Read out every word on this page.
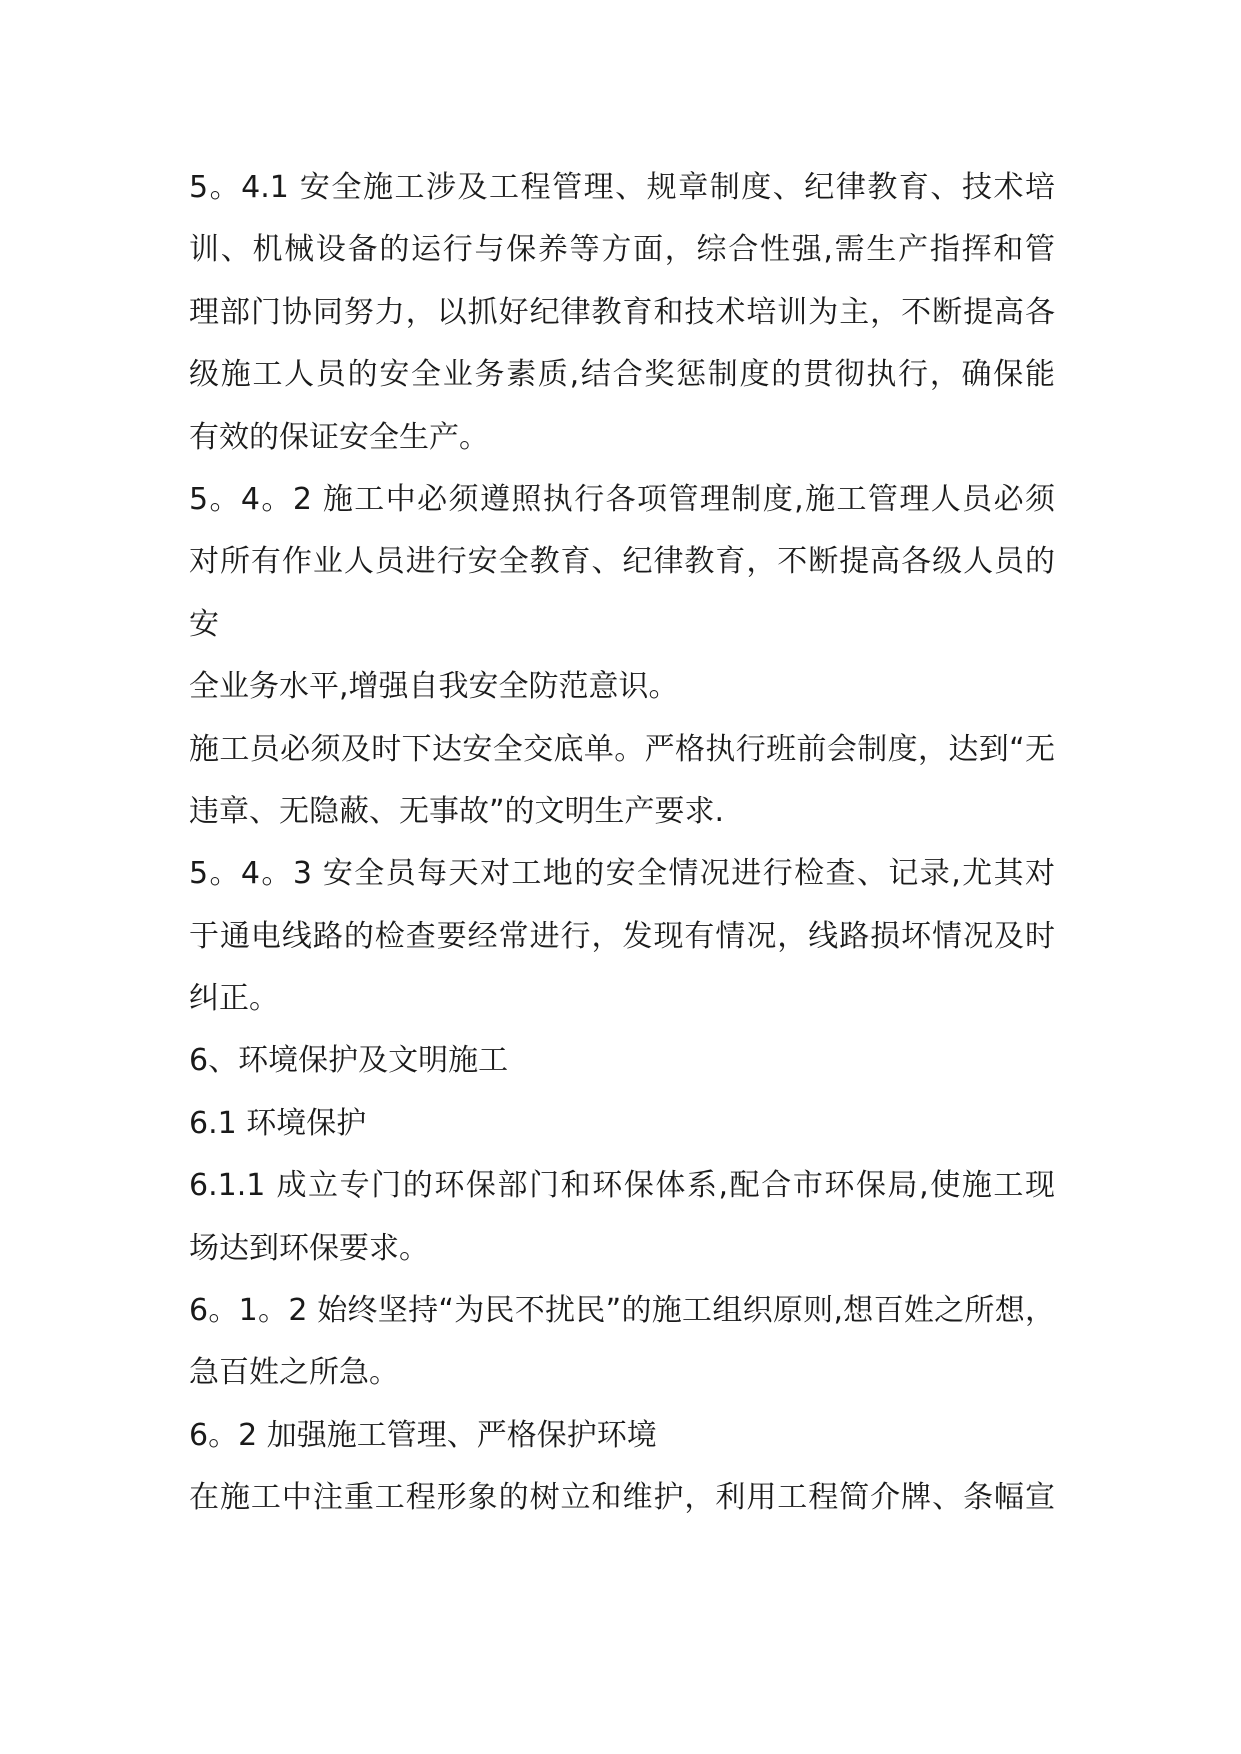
5。4.1 安全施工涉及工程管理、规章制度、纪律教育、技术培
训、机械设备的运行与保养等方面，综合性强,需生产指挥和管
理部门协同努力，以抓好纪律教育和技术培训为主，不断提高各
级施工人员的安全业务素质,结合奖惩制度的贯彻执行，确保能
有效的保证安全生产。
5。4。2 施工中必须遵照执行各项管理制度,施工管理人员必须
对所有作业人员进行安全教育、纪律教育，不断提高各级人员的
安
全业务水平,增强自我安全防范意识。
施工员必须及时下达安全交底单。严格执行班前会制度，达到“无
违章、无隐蔽、无事故”的文明生产要求.
5。4。3 安全员每天对工地的安全情况进行检查、记录,尤其对
于通电线路的检查要经常进行，发现有情况，线路损坏情况及时
纠正。
6、环境保护及文明施工
6.1 环境保护
6.1.1 成立专门的环保部门和环保体系,配合市环保局,使施工现
场达到环保要求。
6。1。2 始终坚持“为民不扰民”的施工组织原则,想百姓之所想，
急百姓之所急。
6。2 加强施工管理、严格保护环境
在施工中注重工程形象的树立和维护，利用工程简介牌、条幅宣
